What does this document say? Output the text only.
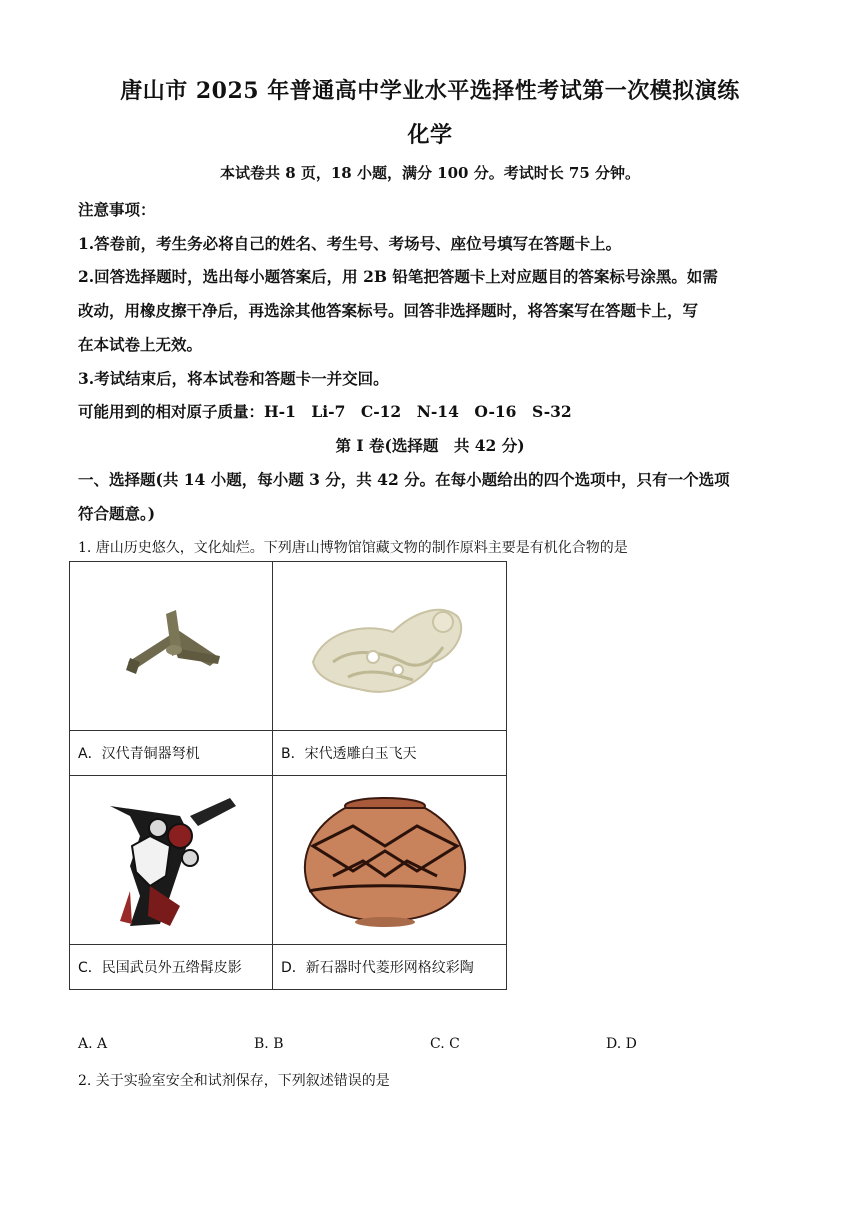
唐山市 2025 年普通高中学业水平选择性考试第一次模拟演练
化学
本试卷共 8 页，18 小题，满分 100 分。考试时长 75 分钟。
注意事项：
1.答卷前，考生务必将自己的姓名、考生号、考场号、座位号填写在答题卡上。
2.回答选择题时，选出每小题答案后，用 2B 铅笔把答题卡上对应题目的答案标号涂黑。如需
改动，用橡皮擦干净后，再选涂其他答案标号。回答非选择题时，将答案写在答题卡上，写
在本试卷上无效。
3.考试结束后，将本试卷和答题卡一并交回。
可能用到的相对原子质量：H-1　Li-7　C-12　N-14　O-16　S-32
第 I 卷(选择题　共 42 分)
一、选择题(共 14 小题，每小题 3 分，共 42 分。在每小题给出的四个选项中，只有一个选项
符合题意。)
1. 唐山历史悠久，文化灿烂。下列唐山博物馆馆藏文物的制作原料主要是有机化合物的是

A．汉代青铜器弩机	B．宋代透雕白玉飞天

C．民国武员外五绺髯皮影	D．新石器时代菱形网格纹彩陶
A. A	B. B	C. C	D. D
2. 关于实验室安全和试剂保存，下列叙述错误的是
